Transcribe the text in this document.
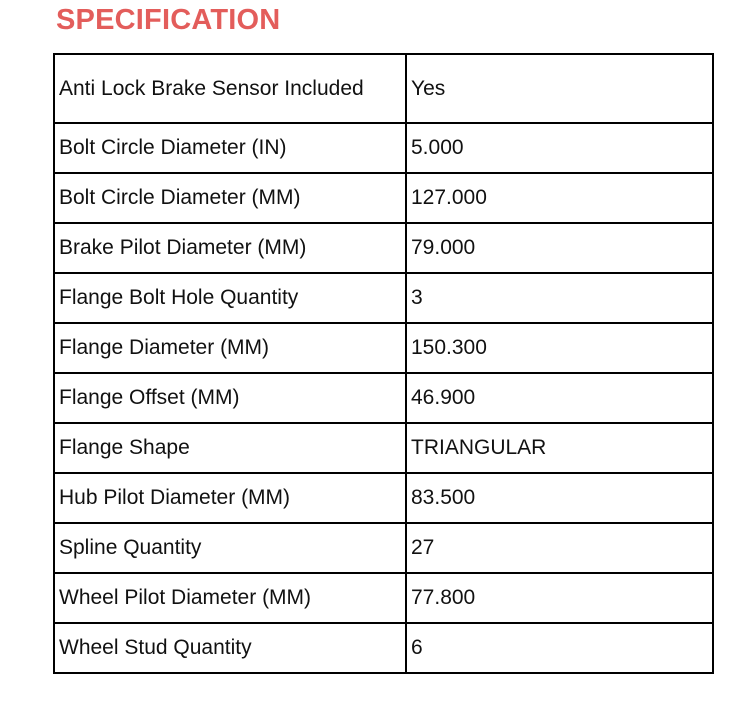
SPECIFICATION
Anti Lock Brake Sensor Included	Yes
Bolt Circle Diameter (IN)	5.000
Bolt Circle Diameter (MM)	127.000
Brake Pilot Diameter (MM)	79.000
Flange Bolt Hole Quantity	3
Flange Diameter (MM)	150.300
Flange Offset (MM)	46.900
Flange Shape	TRIANGULAR
Hub Pilot Diameter (MM)	83.500
Spline Quantity	27
Wheel Pilot Diameter (MM)	77.800
Wheel Stud Quantity	6
